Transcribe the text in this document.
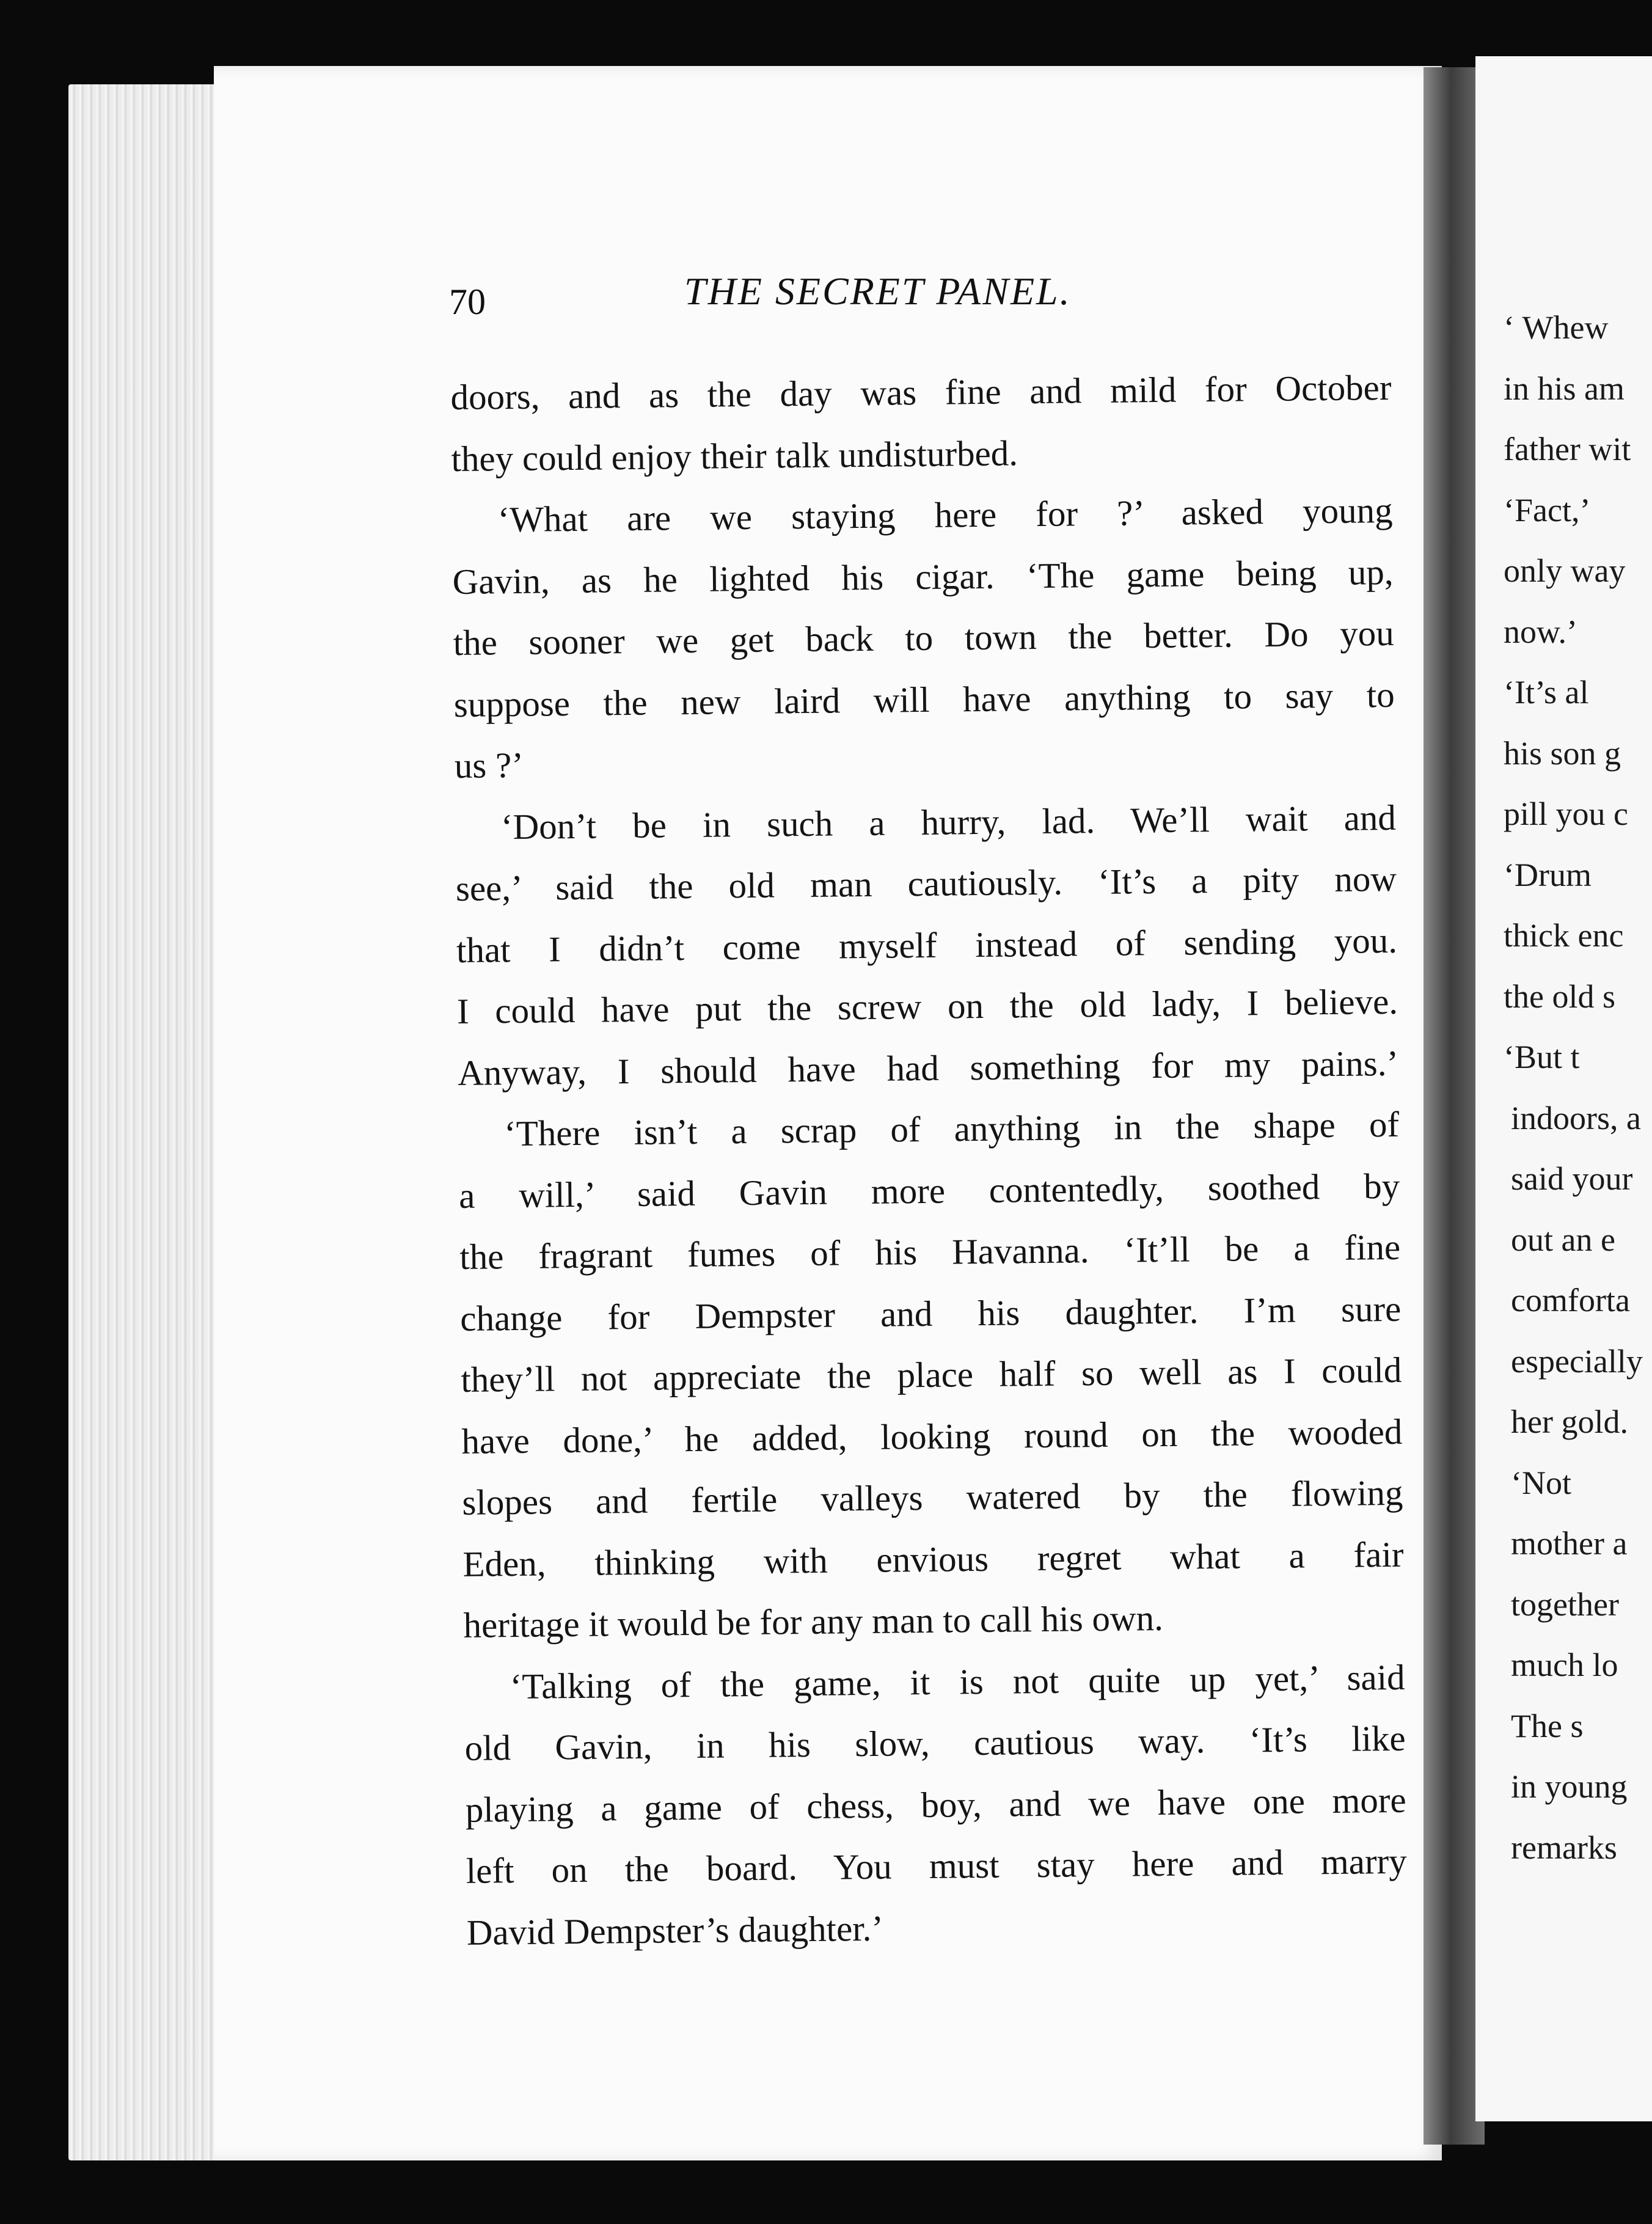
‘ Whew
in his am
father wit
‘Fact,’
only way
now.’
‘It’s al
his son g
pill you c
‘Drum
thick enc
the old s
‘But t
indoors, a
said your
out an e
comforta
especially
her gold.
‘Not
mother a
together
much lo
The s
in young
remarks
70	THE SECRET PANEL.
doors, and as the day was fine and mild for October
they could enjoy their talk undisturbed.
‘What are we staying here for ?’ asked young
Gavin, as he lighted his cigar. ‘The game being up,
the sooner we get back to town the better. Do you
suppose the new laird will have anything to say to
us ?’
‘Don’t be in such a hurry, lad. We’ll wait and
see,’ said the old man cautiously. ‘It’s a pity now
that I didn’t come myself instead of sending you.
I could have put the screw on the old lady, I believe.
Anyway, I should have had something for my pains.’
‘There isn’t a scrap of anything in the shape of
a will,’ said Gavin more contentedly, soothed by
the fragrant fumes of his Havanna. ‘It’ll be a fine
change for Dempster and his daughter. I’m sure
they’ll not appreciate the place half so well as I could
have done,’ he added, looking round on the wooded
slopes and fertile valleys watered by the flowing
Eden, thinking with envious regret what a fair
heritage it would be for any man to call his own.
‘Talking of the game, it is not quite up yet,’ said
old Gavin, in his slow, cautious way. ‘It’s like
playing a game of chess, boy, and we have one more
left on the board. You must stay here and marry
David Dempster’s daughter.’
